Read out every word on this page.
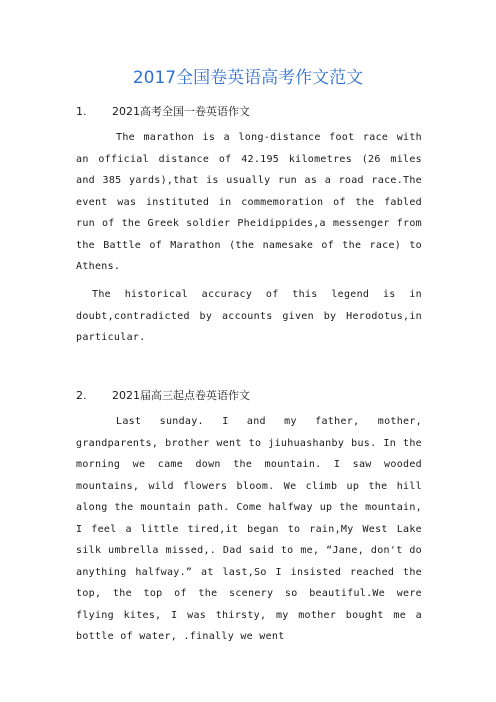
2017全国卷英语高考作文范文
1. 2021高考全国一卷英语作文

The marathon is a long-distance foot race with an official distance of 42.195 kilometres (26 miles and 385 yards),that is usually run as a road race.The event was instituted in commemoration of the fabled run of the Greek soldier Pheidippides,a messenger from the Battle of Marathon (the namesake of the race) to Athens.

The historical accuracy of this legend is in doubt,contradicted by accounts given by Herodotus,in particular.

2. 2021届高三起点卷英语作文

Last sunday. I and my father, mother, grandparents, brother went to jiuhuashanby bus. In the morning we came down the mountain. I saw wooded mountains, wild flowers bloom. We climb up the hill along the mountain path. Come halfway up the mountain, I feel a little tired,it began to rain,My West Lake silk umbrella missed,. Dad said to me, “Jane, don't do anything halfway.” at last,So I insisted reached the top, the top of the scenery so beautiful.We were flying kites, I was thirsty, my mother bought me a bottle of water, .finally we went
